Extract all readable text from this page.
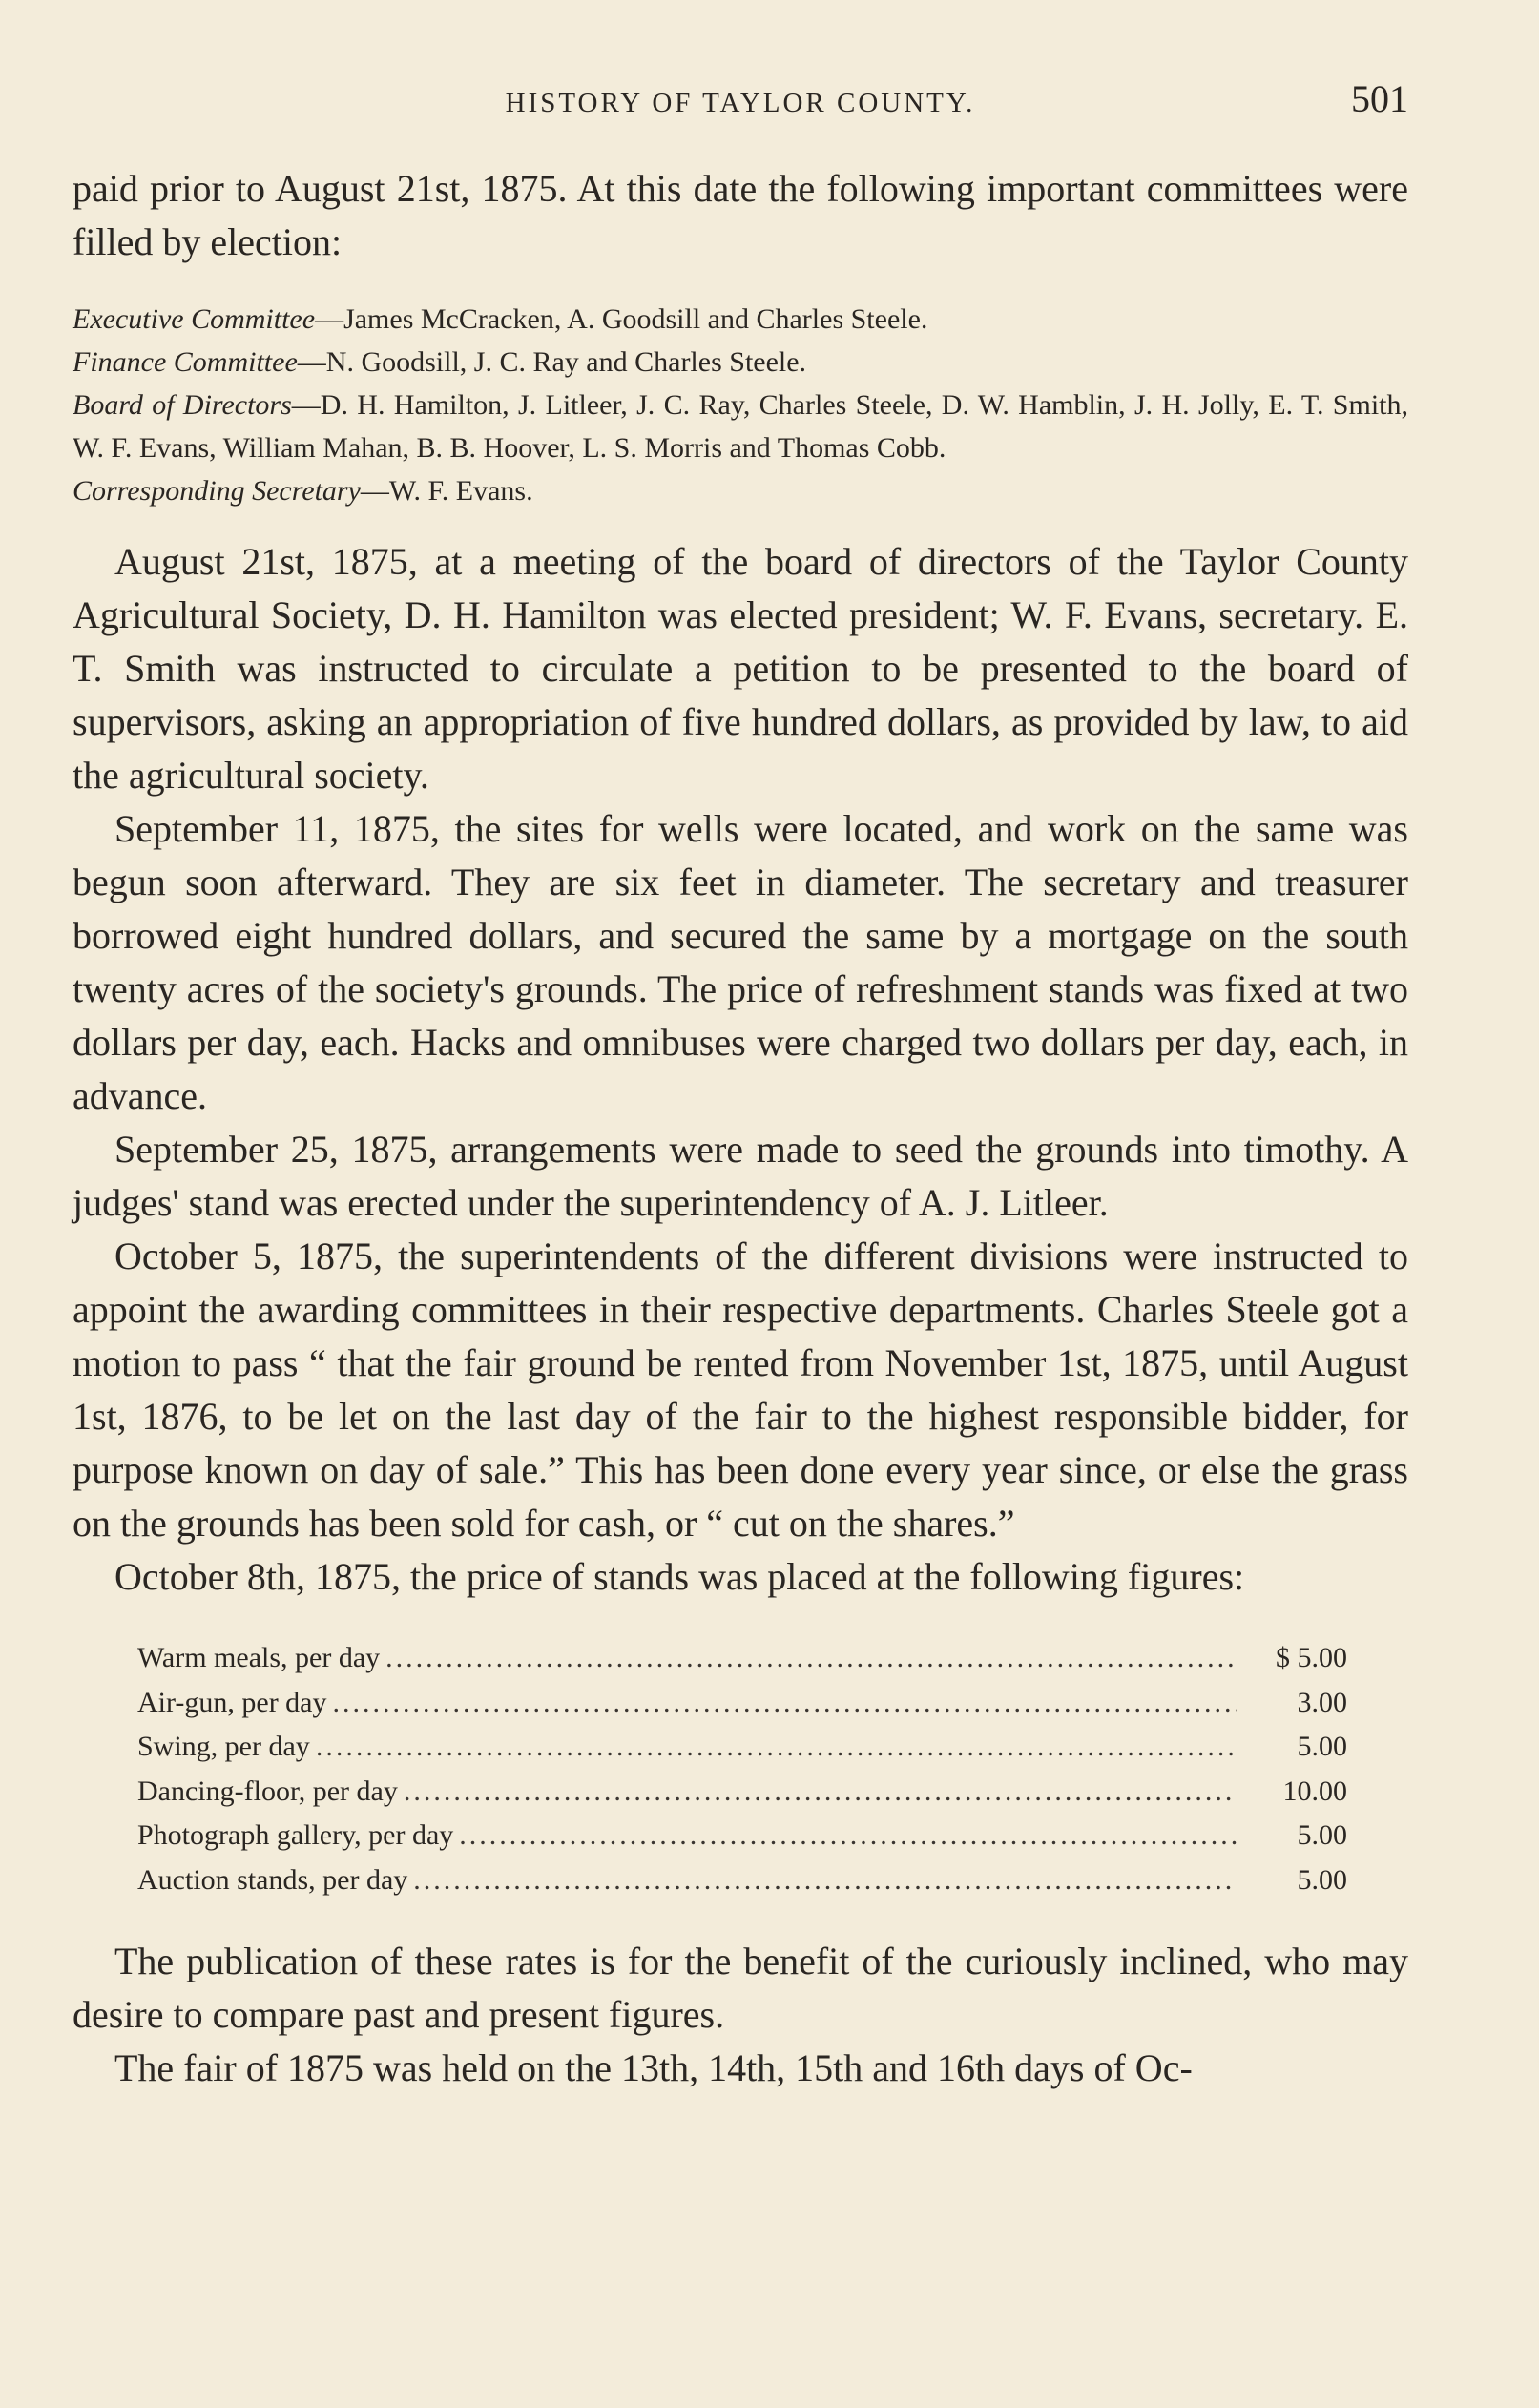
HISTORY OF TAYLOR COUNTY.	501

paid prior to August 21st, 1875. At this date the following important committees were filled by election:

Executive Committee—James McCracken, A. Goodsill and Charles Steele.

Finance Committee—N. Goodsill, J. C. Ray and Charles Steele.

Board of Directors—D. H. Hamilton, J. Litleer, J. C. Ray, Charles Steele, D. W. Hamblin, J. H. Jolly, E. T. Smith, W. F. Evans, William Mahan, B. B. Hoover, L. S. Morris and Thomas Cobb.

Corresponding Secretary—W. F. Evans.

August 21st, 1875, at a meeting of the board of directors of the Taylor County Agricultural Society, D. H. Hamilton was elected president; W. F. Evans, secretary. E. T. Smith was instructed to circulate a petition to be presented to the board of supervisors, asking an appropriation of five hundred dollars, as provided by law, to aid the agricultural society.

September 11, 1875, the sites for wells were located, and work on the same was begun soon afterward. They are six feet in diameter. The secretary and treasurer borrowed eight hundred dollars, and secured the same by a mortgage on the south twenty acres of the society's grounds. The price of refreshment stands was fixed at two dollars per day, each. Hacks and omnibuses were charged two dollars per day, each, in advance.

September 25, 1875, arrangements were made to seed the grounds into timothy. A judges' stand was erected under the superintendency of A. J. Litleer.

October 5, 1875, the superintendents of the different divisions were instructed to appoint the awarding committees in their respective departments. Charles Steele got a motion to pass “ that the fair ground be rented from November 1st, 1875, until August 1st, 1876, to be let on the last day of the fair to the highest responsible bidder, for purpose known on day of sale.” This has been done every year since, or else the grass on the grounds has been sold for cash, or “ cut on the shares.”

October 8th, 1875, the price of stands was placed at the following figures:

Warm meals, per day .....	$ 5.00
Air-gun, per day .....	3.00
Swing, per day .....	5.00
Dancing-floor, per day .....	10.00
Photograph gallery, per day .....	5.00
Auction stands, per day .....	5.00

The publication of these rates is for the benefit of the curiously inclined, who may desire to compare past and present figures.

The fair of 1875 was held on the 13th, 14th, 15th and 16th days of Oc-
